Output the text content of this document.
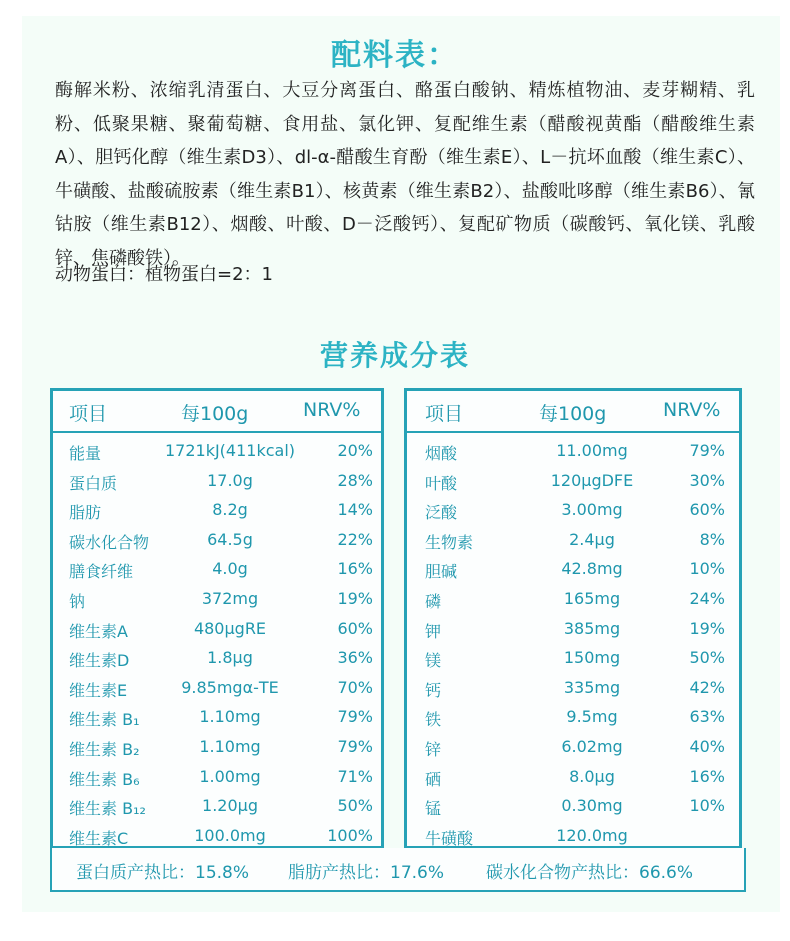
配料表：
酶解米粉、浓缩乳清蛋白、大豆分离蛋白、酪蛋白酸钠、精炼植物油、麦芽糊精、乳粉、低聚果糖、聚葡萄糖、食用盐、氯化钾、复配维生素（醋酸视黄酯（醋酸维生素A）、胆钙化醇（维生素D3）、dl-α-醋酸生育酚（维生素E）、L－抗坏血酸（维生素C）、牛磺酸、盐酸硫胺素（维生素B1）、核黄素（维生素B2）、盐酸吡哆醇（维生素B6）、氰钴胺（维生素B12）、烟酸、叶酸、D－泛酸钙）、复配矿物质（碳酸钙、氧化镁、乳酸锌、焦磷酸铁）。
动物蛋白：植物蛋白=2：1
营养成分表
项目	每100g	NRV%
能量	1721kJ(411kcal)	20%
蛋白质	17.0g	28%
脂肪	8.2g	14%
碳水化合物	64.5g	22%
膳食纤维	4.0g	16%
钠	372mg	19%
维生素A	480μgRE	60%
维生素D	1.8μg	36%
维生素E	9.85mgα-TE	70%
维生素 B₁	1.10mg	79%
维生素 B₂	1.10mg	79%
维生素 B₆	1.00mg	71%
维生素 B₁₂	1.20μg	50%
维生素C	100.0mg	100%
项目	每100g	NRV%
烟酸	11.00mg	79%
叶酸	120μgDFE	30%
泛酸	3.00mg	60%
生物素	2.4μg	8%
胆碱	42.8mg	10%
磷	165mg	24%
钾	385mg	19%
镁	150mg	50%
钙	335mg	42%
铁	9.5mg	63%
锌	6.02mg	40%
硒	8.0μg	16%
锰	0.30mg	10%
牛磺酸	120.0mg
蛋白质产热比：15.8% 脂肪产热比：17.6% 碳水化合物产热比：66.6%
